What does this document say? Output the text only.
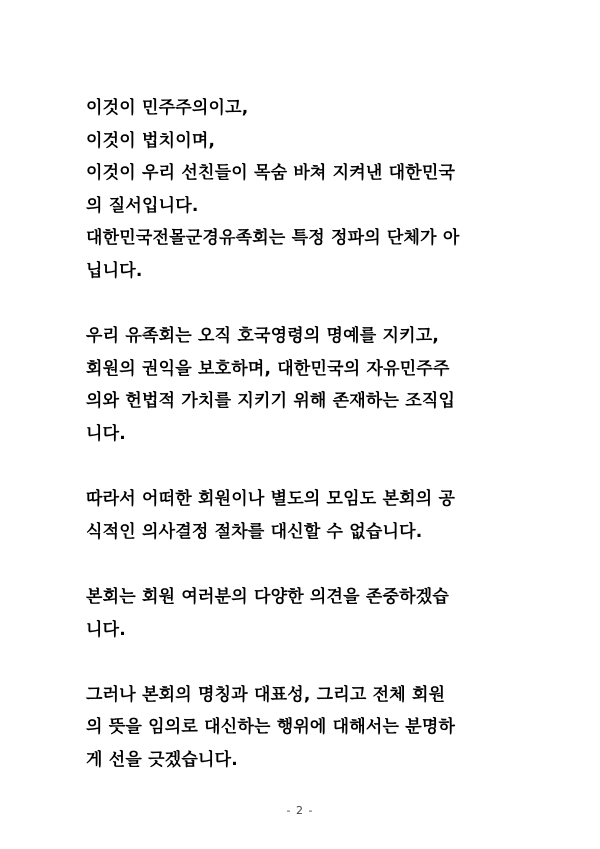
이것이 민주주의이고,
이것이 법치이며,
이것이 우리 선친들이 목숨 바쳐 지켜낸 대한민국
의 질서입니다.
대한민국전몰군경유족회는 특정 정파의 단체가 아
닙니다.

우리 유족회는 오직 호국영령의 명예를 지키고,
회원의 권익을 보호하며, 대한민국의 자유민주주
의와 헌법적 가치를 지키기 위해 존재하는 조직입
니다.

따라서 어떠한 회원이나 별도의 모임도 본회의 공
식적인 의사결정 절차를 대신할 수 없습니다.

본회는 회원 여러분의 다양한 의견을 존중하겠습
니다.

그러나 본회의 명칭과 대표성, 그리고 전체 회원
의 뜻을 임의로 대신하는 행위에 대해서는 분명하
게 선을 긋겠습니다.

- 2 -
